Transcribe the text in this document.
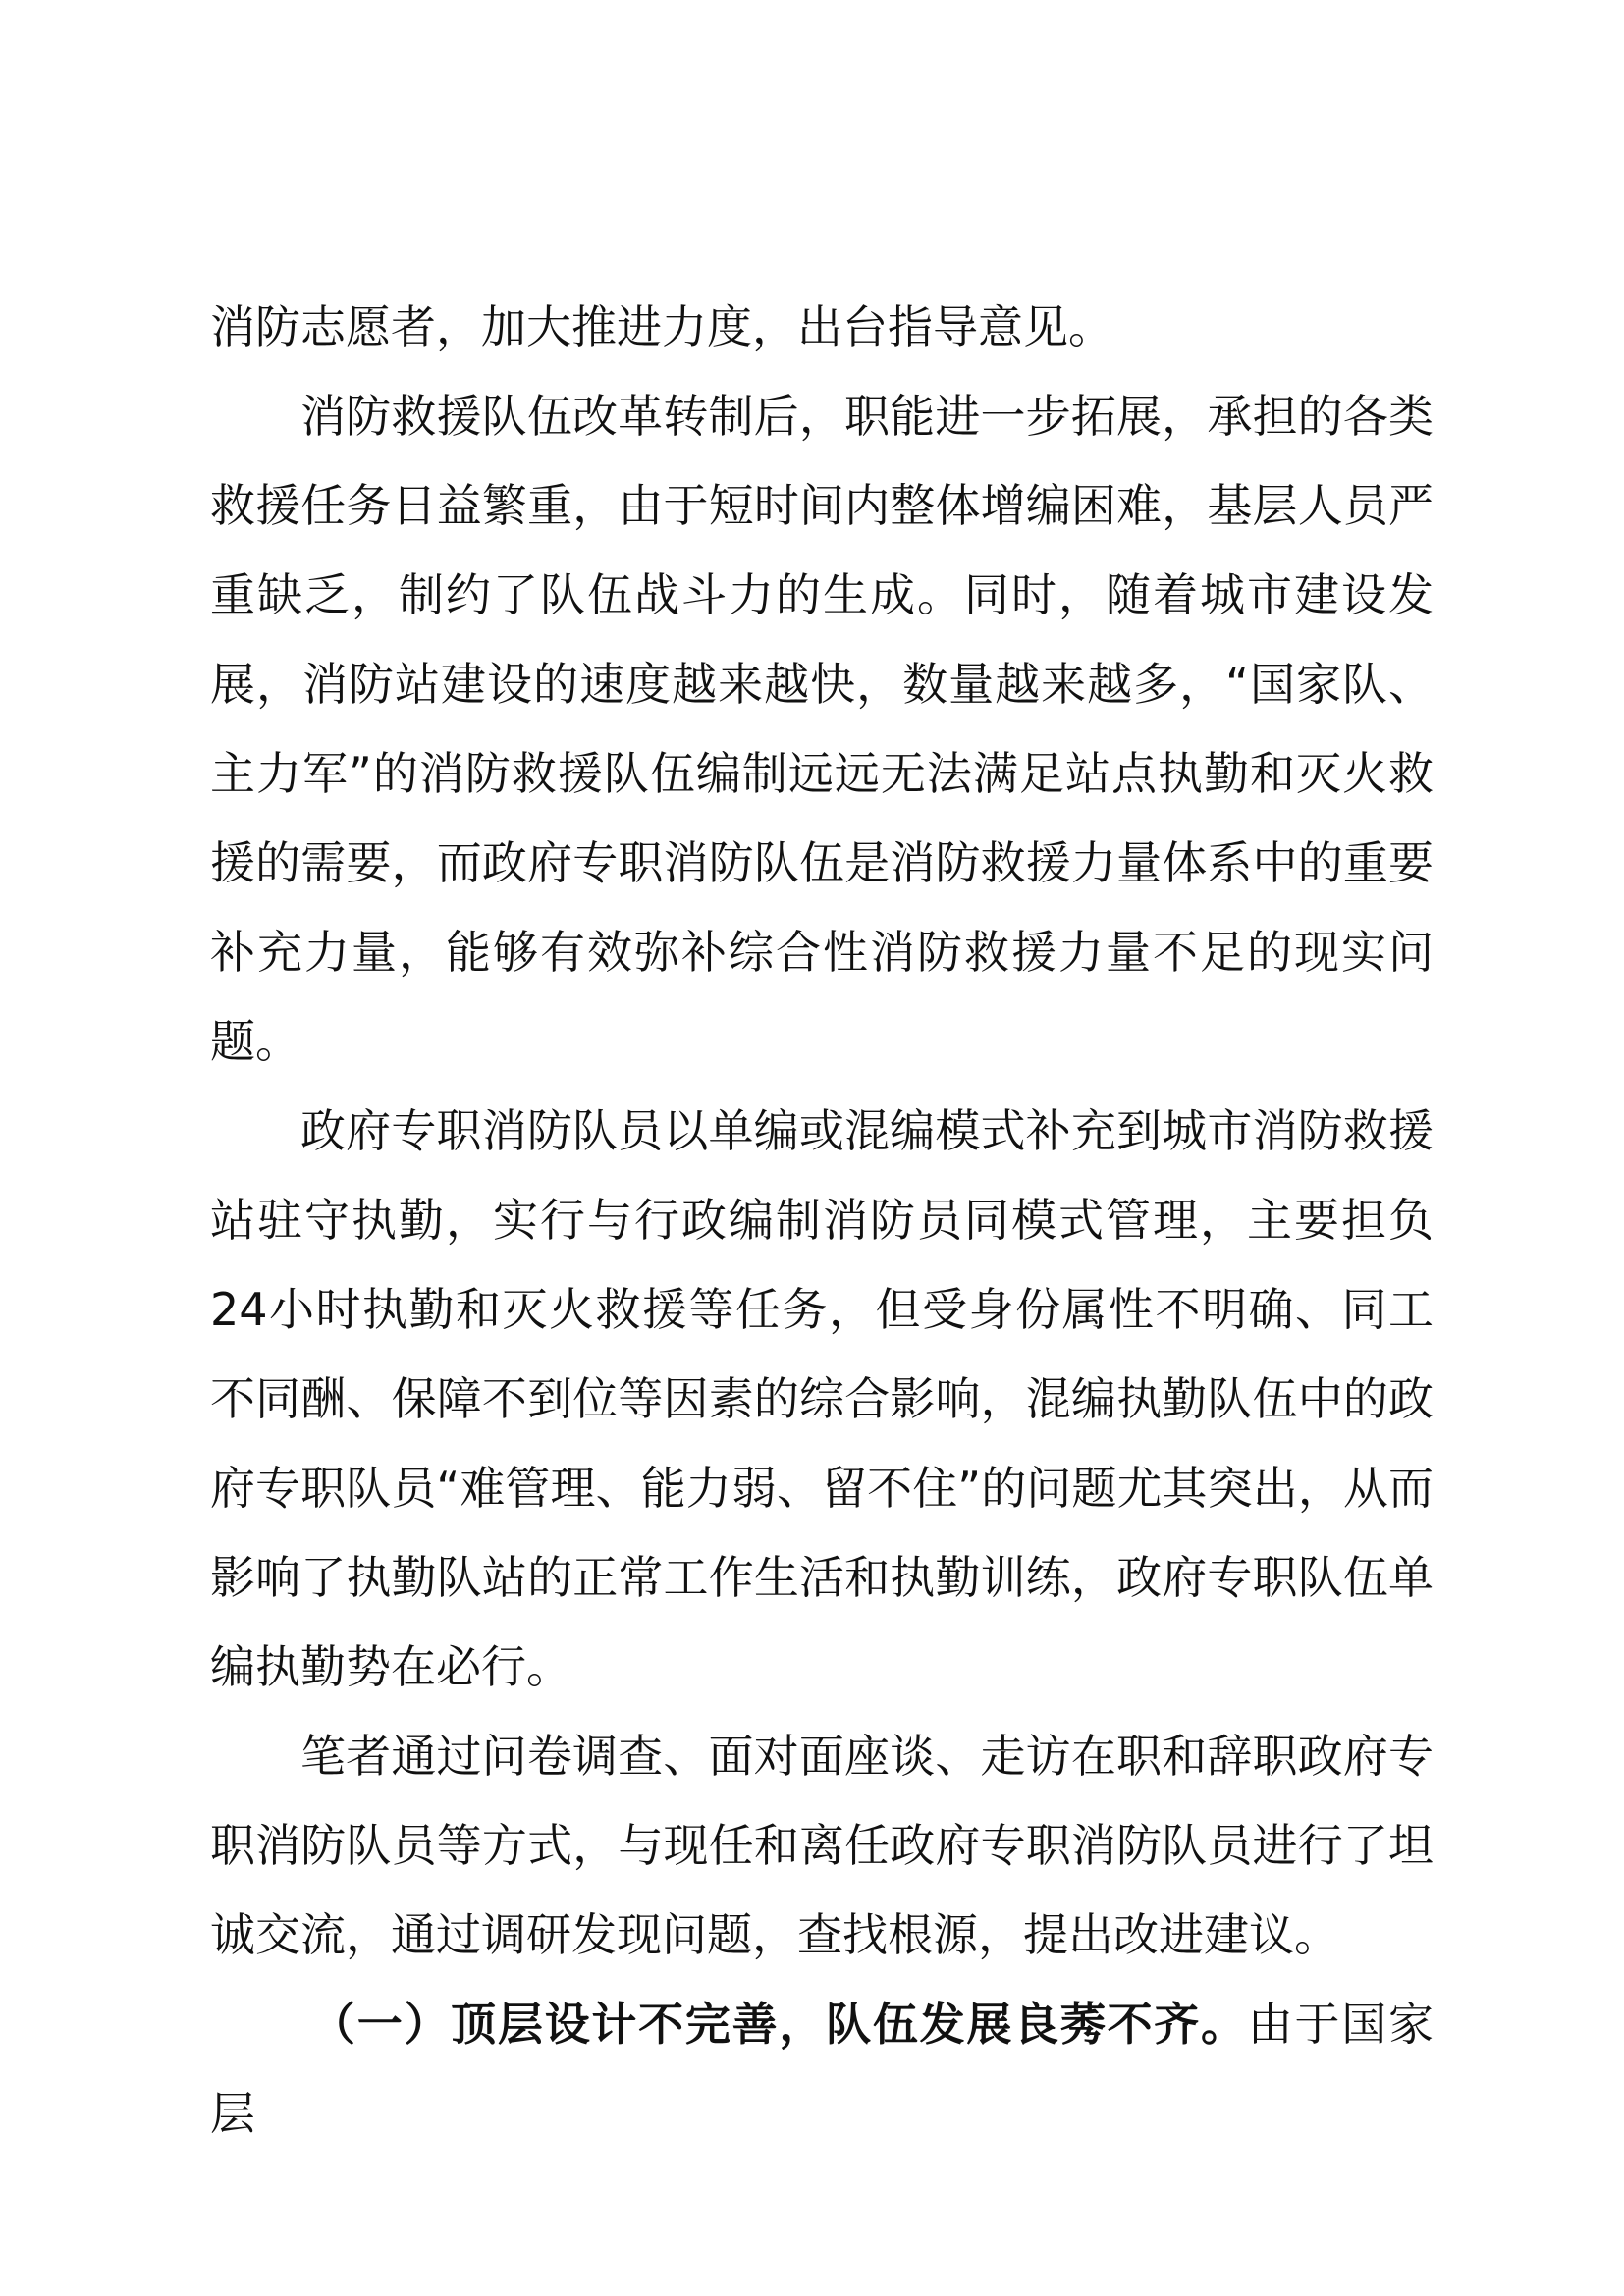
消防志愿者，加大推进力度，出台指导意见。

消防救援队伍改革转制后，职能进一步拓展，承担的各类救援任务日益繁重，由于短时间内整体增编困难，基层人员严重缺乏，制约了队伍战斗力的生成。同时，随着城市建设发展，消防站建设的速度越来越快，数量越来越多，“国家队、主力军”的消防救援队伍编制远远无法满足站点执勤和灭火救援的需要，而政府专职消防队伍是消防救援力量体系中的重要补充力量，能够有效弥补综合性消防救援力量不足的现实问题。

政府专职消防队员以单编或混编模式补充到城市消防救援站驻守执勤，实行与行政编制消防员同模式管理，主要担负24小时执勤和灭火救援等任务，但受身份属性不明确、同工不同酬、保障不到位等因素的综合影响，混编执勤队伍中的政府专职队员“难管理、能力弱、留不住”的问题尤其突出，从而影响了执勤队站的正常工作生活和执勤训练，政府专职队伍单编执勤势在必行。

笔者通过问卷调查、面对面座谈、走访在职和辞职政府专职消防队员等方式，与现任和离任政府专职消防队员进行了坦诚交流，通过调研发现问题，查找根源，提出改进建议。

（一）顶层设计不完善，队伍发展良莠不齐。由于国家层
